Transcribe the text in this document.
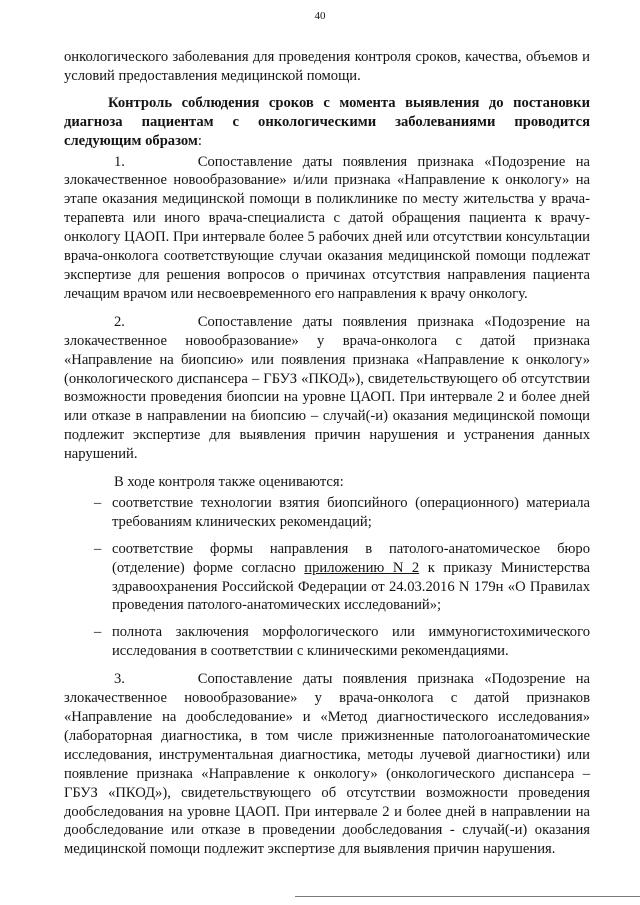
40

онкологического заболевания для проведения контроля сроков, качества, объемов и условий предоставления медицинской помощи.

Контроль соблюдения сроков с момента выявления до постановки диагноза пациентам с онкологическими заболеваниями проводится следующим образом:

1.       Сопоставление даты появления признака «Подозрение на злокачественное новообразование» и/или признака «Направление к онкологу» на этапе оказания медицинской помощи в поликлинике по месту жительства у врача-терапевта или иного врача-специалиста с датой обращения пациента к врачу-онкологу ЦАОП. При интервале более 5 рабочих дней или отсутствии консультации врача-онколога соответствующие случаи оказания медицинской помощи подлежат экспертизе для решения вопросов о причинах отсутствия направления пациента лечащим врачом или несвоевременного его направления к врачу онкологу.

2.       Сопоставление даты появления признака «Подозрение на злокачественное новообразование» у врача-онколога с датой признака «Направление на биопсию» или появления признака «Направление к онкологу» (онкологического диспансера – ГБУЗ «ПКОД»), свидетельствующего об отсутствии возможности проведения биопсии на уровне ЦАОП. При интервале 2 и более дней или отказе в направлении на биопсию – случай(-и) оказания медицинской помощи подлежит экспертизе для выявления причин нарушения и устранения данных нарушений.

В ходе контроля также оцениваются:

– соответствие технологии взятия биопсийного (операционного) материала требованиям клинических рекомендаций;
– соответствие формы направления в патолого-анатомическое бюро (отделение) форме согласно приложению N 2 к приказу Министерства здравоохранения Российской Федерации от 24.03.2016 N 179н «О Правилах проведения патолого-анатомических исследований»;
– полнота заключения морфологического или иммуногистохимического исследования в соответствии с клиническими рекомендациями.

3.       Сопоставление даты появления признака «Подозрение на злокачественное новообразование» у врача-онколога с датой признаков «Направление на дообследование» и «Метод диагностического исследования» (лабораторная диагностика, в том числе прижизненные патологоанатомические исследования, инструментальная диагностика, методы лучевой диагностики) или появление признака «Направление к онкологу» (онкологического диспансера – ГБУЗ «ПКОД»), свидетельствующего об отсутствии возможности проведения дообследования на уровне ЦАОП. При интервале 2 и более дней в направлении на дообследование или отказе в проведении дообследования - случай(-и) оказания медицинской помощи подлежит экспертизе для выявления причин нарушения.
